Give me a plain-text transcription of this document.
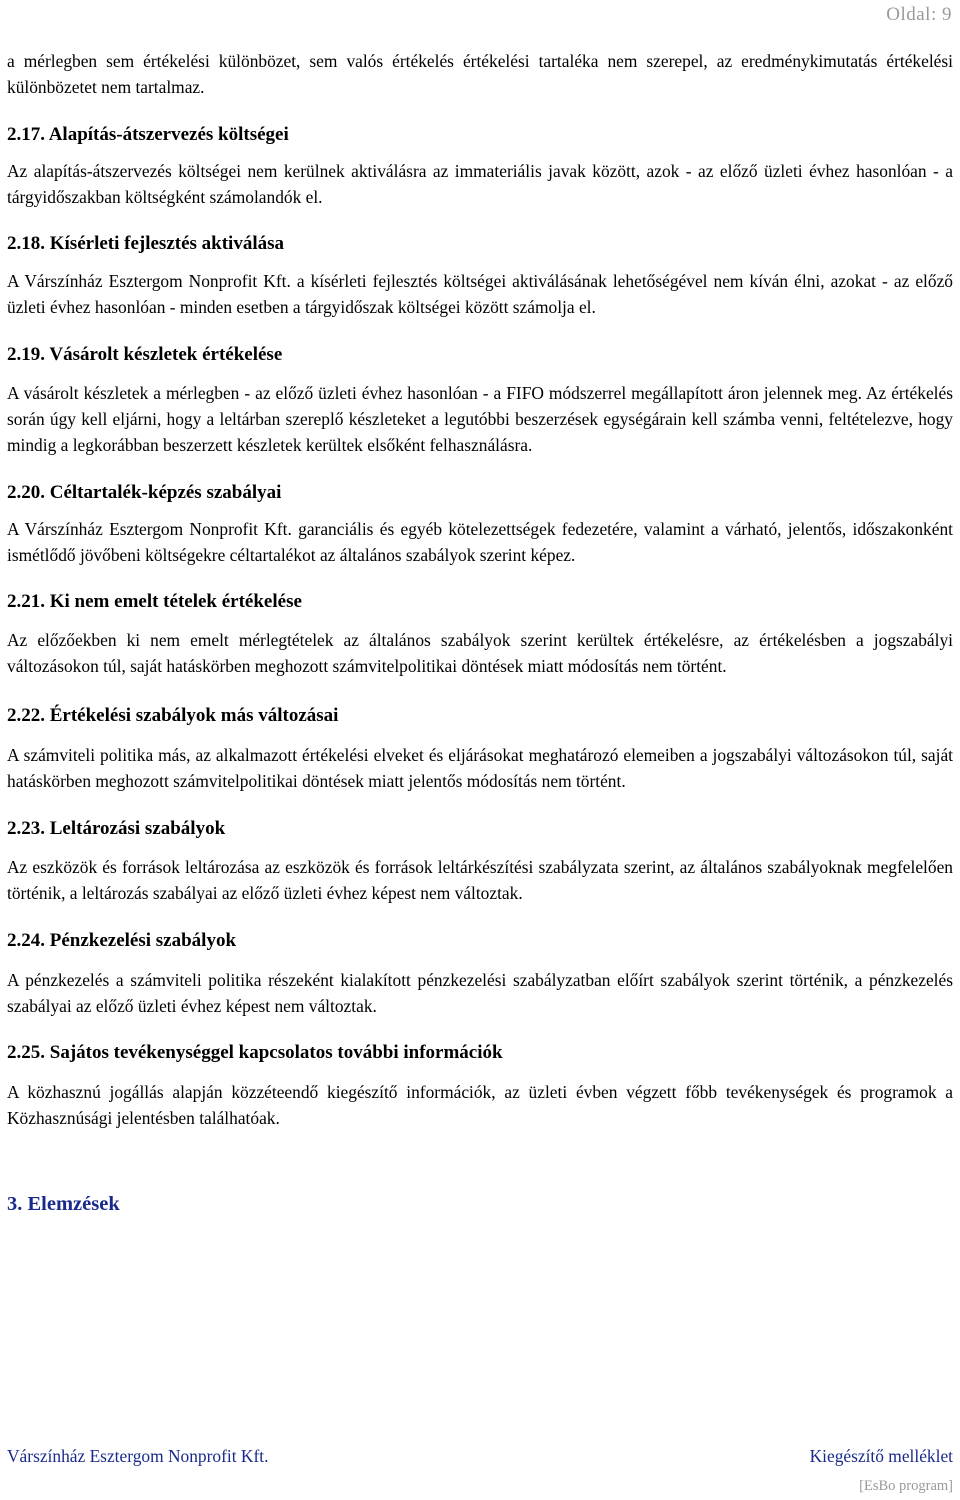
Oldal: 9

a mérlegben sem értékelési különbözet, sem valós értékelés értékelési tartaléka nem szerepel, az eredménykimutatás értékelési különbözetet nem tartalmaz.

2.17. Alapítás-átszervezés költségei

Az alapítás-átszervezés költségei nem kerülnek aktiválásra az immateriális javak között, azok - az előző üzleti évhez hasonlóan - a tárgyidőszakban költségként számolandók el.

2.18. Kísérleti fejlesztés aktiválása

A Várszínház Esztergom Nonprofit Kft. a kísérleti fejlesztés költségei aktiválásának lehetőségével nem kíván élni, azokat - az előző üzleti évhez hasonlóan - minden esetben a tárgyidőszak költségei között számolja el.

2.19. Vásárolt készletek értékelése

A vásárolt készletek a mérlegben - az előző üzleti évhez hasonlóan - a FIFO módszerrel megállapított áron jelennek meg. Az értékelés során úgy kell eljárni, hogy a leltárban szereplő készleteket a legutóbbi beszerzések egységárain kell számba venni, feltételezve, hogy mindig a legkorábban beszerzett készletek kerültek elsőként felhasználásra.

2.20. Céltartalék-képzés szabályai

A Várszínház Esztergom Nonprofit Kft. garanciális és egyéb kötelezettségek fedezetére, valamint a várható, jelentős, időszakonként ismétlődő jövőbeni költségekre céltartalékot az általános szabályok szerint képez.

2.21. Ki nem emelt tételek értékelése

Az előzőekben ki nem emelt mérlegtételek az általános szabályok szerint kerültek értékelésre, az értékelésben a jogszabályi változásokon túl, saját hatáskörben meghozott számvitelpolitikai döntések miatt módosítás nem történt.

2.22. Értékelési szabályok más változásai

A számviteli politika más, az alkalmazott értékelési elveket és eljárásokat meghatározó elemeiben a jogszabályi változásokon túl, saját hatáskörben meghozott számvitelpolitikai döntések miatt jelentős módosítás nem történt.

2.23. Leltározási szabályok

Az eszközök és források leltározása az eszközök és források leltárkészítési szabályzata szerint, az általános szabályoknak megfelelően történik, a leltározás szabályai az előző üzleti évhez képest nem változtak.

2.24. Pénzkezelési szabályok

A pénzkezelés a számviteli politika részeként kialakított pénzkezelési szabályzatban előírt szabályok szerint történik, a pénzkezelés szabályai az előző üzleti évhez képest nem változtak.

2.25. Sajátos tevékenységgel kapcsolatos további információk

A közhasznú jogállás alapján közzéteendő kiegészítő információk, az üzleti évben végzett főbb tevékenységek és programok a Közhasznúsági jelentésben találhatóak.

3. Elemzések
Várszínház Esztergom Nonprofit Kft.	Kiegészítő melléklet
[EsBo program]
